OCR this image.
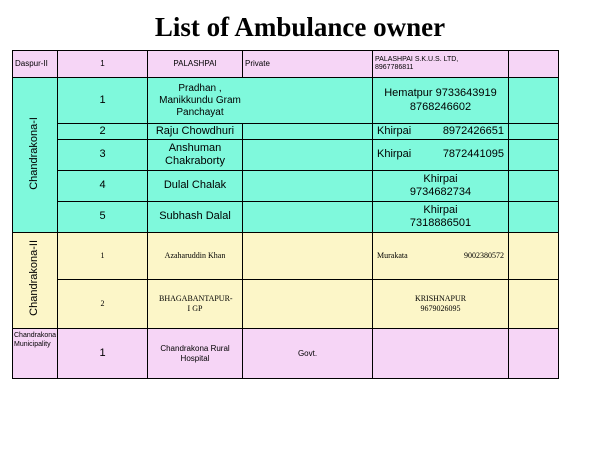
List of Ambulance owner
Daspur-II	1	PALASHPAI	Private	PALASHPAI S.K.U.S. LTD,
8967786811	

Chandrakona-I	1	Pradhan , Manikkundu Gram Panchayat		Hematpur 9733643919
8768246602	

	2	Raju Chowdhuri		Khirpai 8972426651	

	3	Anshuman Chakraborty		Khirpai 7872441095	

	4	Dulal Chalak		Khirpai
9734682734	

	5	Subhash Dalal		Khirpai
7318886501	

Chandrakona-II	1	Azaharuddin Khan		Murakata 9002380572	

	2	BHAGABANTAPUR-I GP		KRISHNAPUR
9679026095	

Chandrakona Municipality	1	Chandrakona Rural Hospital	Govt.		
